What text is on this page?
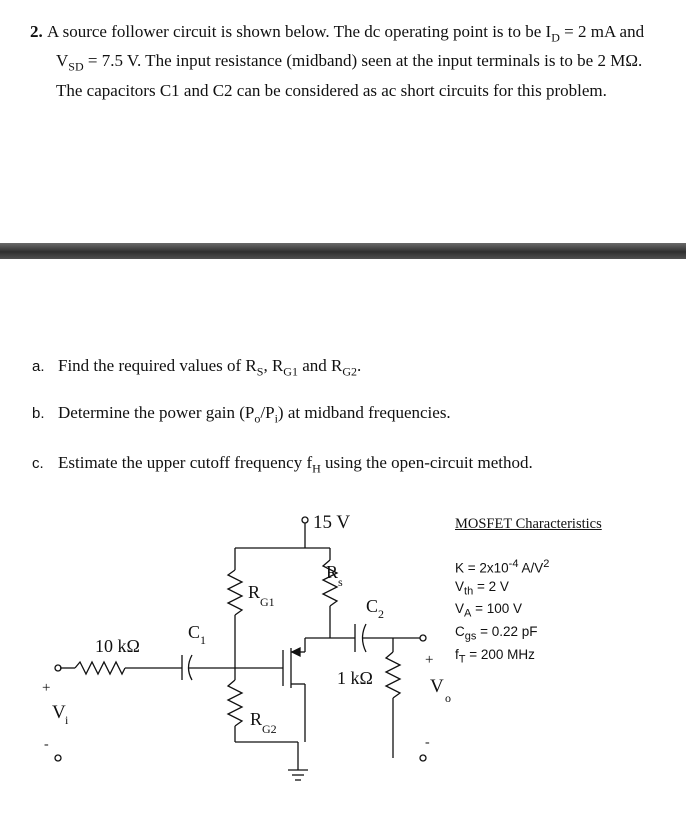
2. A source follower circuit is shown below. The dc operating point is to be $I_D = 2$ mA and $V_{SD} = 7.5$ V. The input resistance (midband) seen at the input terminals is to be 2 MΩ. The capacitors C1 and C2 can be considered as ac short circuits for this problem.
a. Find the required values of $R_S$, $R_{G1}$ and $R_{G2}$.
b. Determine the power gain $(P_o/P_i)$ at midband frequencies.
c. Estimate the upper cutoff frequency $f_H$ using the open-circuit method.
15 V
10 kΩ
C 1
R G1
R G2
R s
C 2
1 kΩ
+
V i
-
+
V
o
-
MOSFET Characteristics
$K = 2x10^{-4}$ $A/V^2$
$V_{th} = 2$ V
$V_A = 100$ V
$C_{gs} = 0.22$ pF
$f_T = 200$ MHz
